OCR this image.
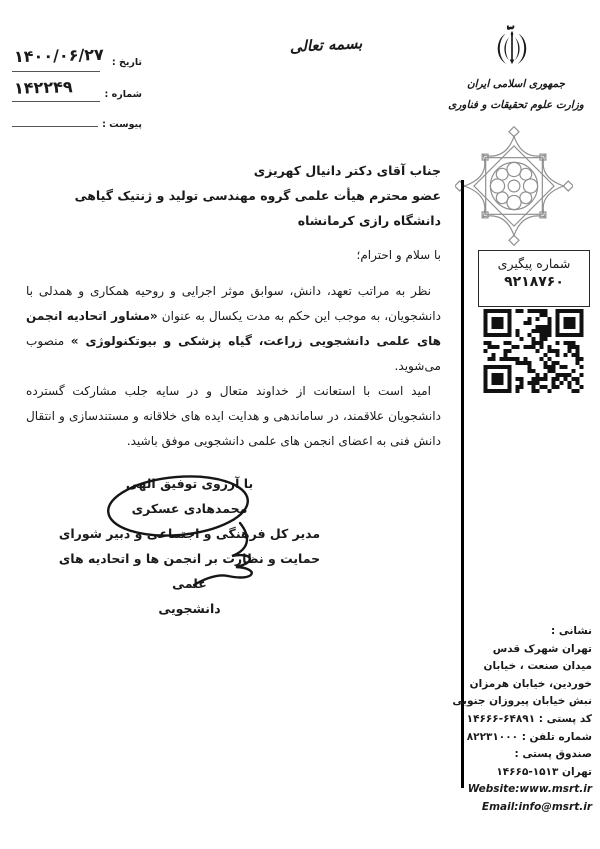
‪۱۴۰۰/۰۶/۲۷‬ تاریخ :
۱۴۲۲۴۹	شماره :
پیوست :
بسمه تعالی
جمهوری اسلامی ایران
وزارت علوم تحقیقات و فناوری
جناب آقای دکتر دانیال کهریزی
عضو محترم هیأت علمی گروه مهندسی تولید و ژنتیک گیاهی دانشگاه رازی کرمانشاه
با سلام و احترام؛

نظر به مراتب تعهد، دانش، سوابق موثر اجرایی و روحیه همکاری و همدلی با دانشجویان، به موجب این حکم به مدت یکسال به عنوان «مشاور اتحادیه انجمن های علمی دانشجویی زراعت، گیاه پزشکی و بیوتکنولوژی » منصوب می‌شوید.

امید است با استعانت از خداوند متعال و در سایه جلب مشارکت گسترده دانشجویان علاقمند، در ساماندهی و هدایت ایده های خلاقانه و مستندسازی و انتقال دانش فنی به اعضای انجمن های علمی دانشجویی موفق باشید.

شماره پیگیری
۹۲۱۸۷۶۰
با آرزوی توفیق الهی
محمدهادی عسکری
مدیر کل فرهنگی و اجتماعی و دبیر شورای
حمایت و نظارت بر انجمن ها و اتحادیه های علمی
دانشجویی
نشانی :
تهران شهرک قدس
میدان صنعت ، خیابان
خوردین، خیابان هرمزان
نبش خیابان پیروزان جنوبی
کد پستی : ‪۱۴۶۶۶-۶۴۸۹۱‬
شماره تلفن : ۸۲۲۳۱۰۰۰
صندوق پستی :
تهران ‪۱۴۶۶۵-۱۵۱۳‬
Website:www.msrt.ir
Email:info@msrt.ir
